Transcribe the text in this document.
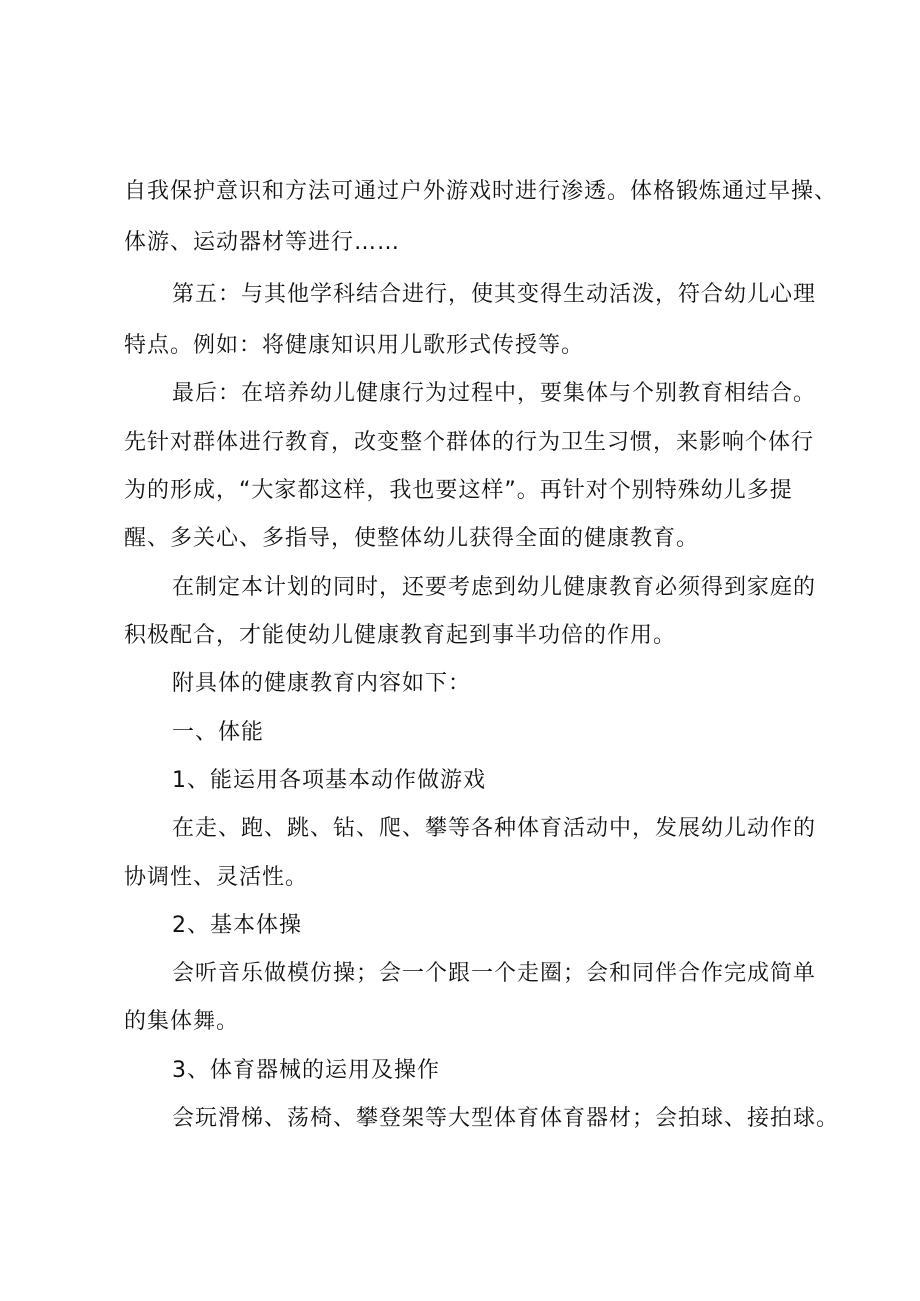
自我保护意识和方法可通过户外游戏时进行渗透。体格锻炼通过早操、
体游、运动器材等进行……
第五：与其他学科结合进行，使其变得生动活泼，符合幼儿心理
特点。例如：将健康知识用儿歌形式传授等。
最后：在培养幼儿健康行为过程中，要集体与个别教育相结合。
先针对群体进行教育，改变整个群体的行为卫生习惯，来影响个体行
为的形成，“大家都这样，我也要这样”。再针对个别特殊幼儿多提
醒、多关心、多指导，使整体幼儿获得全面的健康教育。
在制定本计划的同时，还要考虑到幼儿健康教育必须得到家庭的
积极配合，才能使幼儿健康教育起到事半功倍的作用。
附具体的健康教育内容如下：
一、体能
1、能运用各项基本动作做游戏
在走、跑、跳、钻、爬、攀等各种体育活动中，发展幼儿动作的
协调性、灵活性。
2、基本体操
会听音乐做模仿操；会一个跟一个走圈；会和同伴合作完成简单
的集体舞。
3、体育器械的运用及操作
会玩滑梯、荡椅、攀登架等大型体育体育器材；会拍球、接拍球。
